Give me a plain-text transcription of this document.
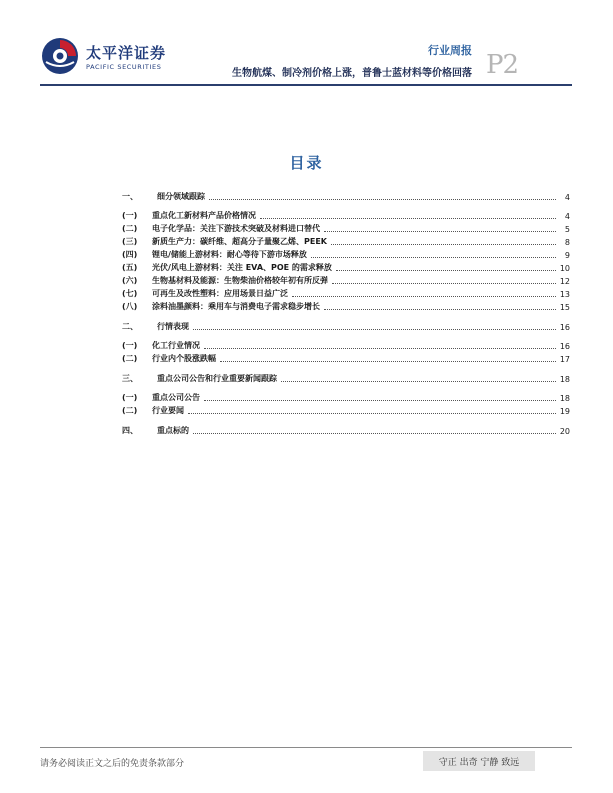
太平洋证券
PACIFIC SECURITIES
行业周报 P2
生物航煤、制冷剂价格上涨，普鲁士蓝材料等价格回落
目录
一、	细分领域跟踪	4
(一)	重点化工新材料产品价格情况	4
(二)	电子化学品：关注下游技术突破及材料进口替代	5
(三)	新质生产力：碳纤维、超高分子量聚乙烯、PEEK	8
(四)	锂电/储能上游材料：耐心等待下游市场释放	9
(五)	光伏/风电上游材料：关注 EVA、POE 的需求释放	10
(六)	生物基材料及能源：生物柴油价格较年初有所反弹	12
(七)	可再生及改性塑料：应用场景日益广泛	13
(八)	涂料油墨颜料：乘用车与消费电子需求稳步增长	15
二、	行情表现	16
(一)	化工行业情况	16
(二)	行业内个股涨跌幅	17
三、	重点公司公告和行业重要新闻跟踪	18
(一)	重点公司公告	18
(二)	行业要闻	19
四、	重点标的	20
请务必阅读正文之后的免责条款部分	守正 出奇 宁静 致远
